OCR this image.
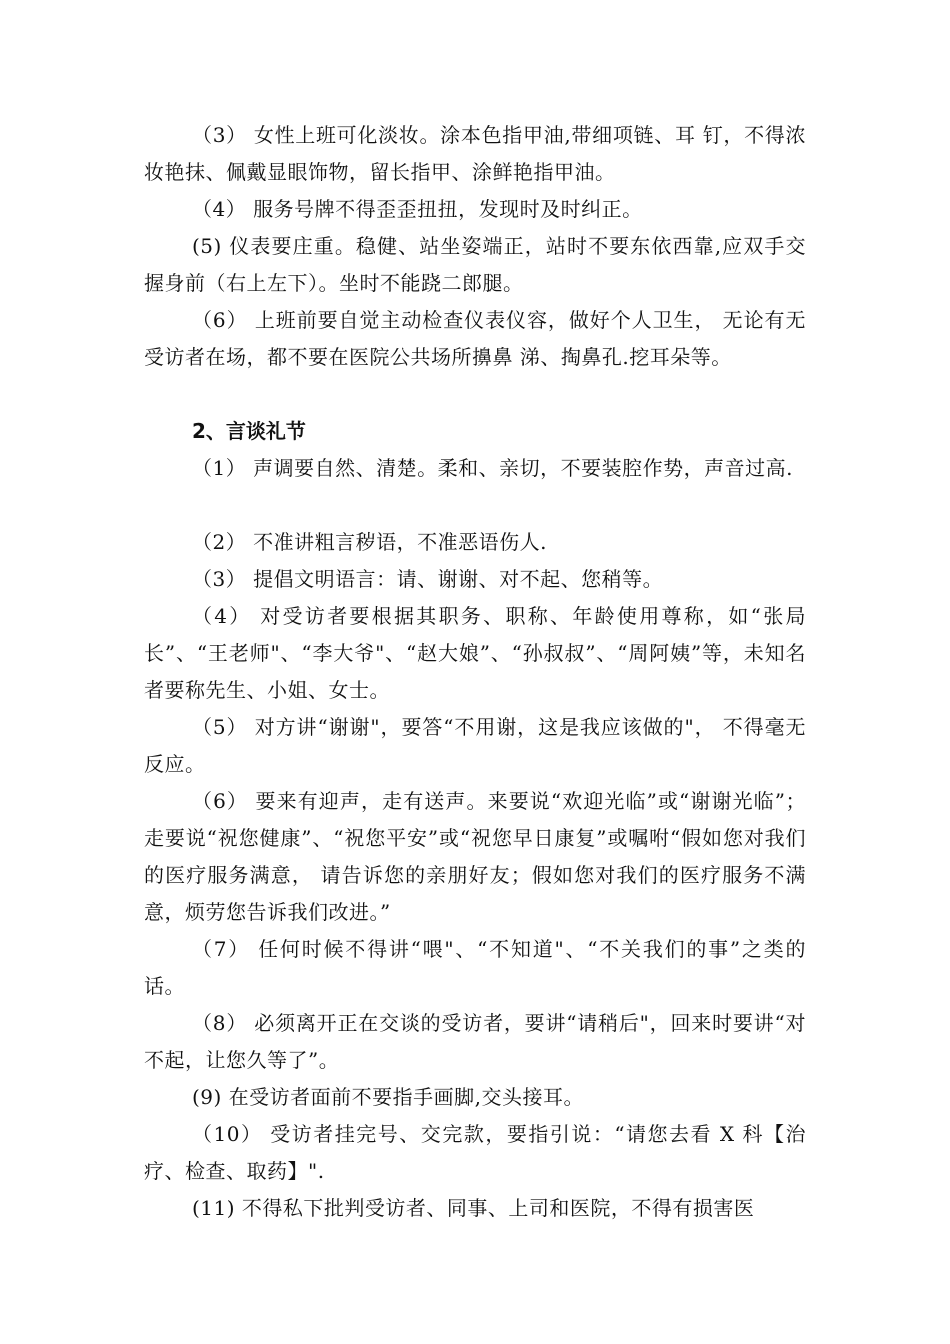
（3） 女性上班可化淡妆。涂本色指甲油,带细项链、耳 钉，不得浓妆艳抹、佩戴显眼饰物，留长指甲、涂鲜艳指甲油。

（4） 服务号牌不得歪歪扭扭，发现时及时纠正。

(5) 仪表要庄重。稳健、站坐姿端正，站时不要东依西靠,应双手交握身前（右上左下）。坐时不能跷二郎腿。

（6） 上班前要自觉主动检查仪表仪容，做好个人卫生， 无论有无受访者在场，都不要在医院公共场所擤鼻 涕、掏鼻孔.挖耳朵等。

2、言谈礼节

（1） 声调要自然、清楚。柔和、亲切，不要装腔作势，声音过高.

（2） 不准讲粗言秽语，不准恶语伤人.

（3） 提倡文明语言：请、谢谢、对不起、您稍等。

（4） 对受访者要根据其职务、职称、年龄使用尊称，如“张局长”、“王老师"、“李大爷"、“赵大娘”、“孙叔叔”、“周阿姨”等，未知名者要称先生、小姐、女士。

（5） 对方讲“谢谢"，要答“不用谢，这是我应该做的"， 不得毫无反应。

（6） 要来有迎声，走有送声。来要说“欢迎光临”或“谢谢光临”；走要说“祝您健康”、“祝您平安”或“祝您早日康复”或嘱咐“假如您对我们的医疗服务满意， 请告诉您的亲朋好友；假如您对我们的医疗服务不满意，烦劳您告诉我们改进。”

（7） 任何时候不得讲“喂"、“不知道"、“不关我们的事”之类的话。

（8） 必须离开正在交谈的受访者，要讲“请稍后"，回来时要讲“对不起，让您久等了”。

(9) 在受访者面前不要指手画脚,交头接耳。

（10） 受访者挂完号、交完款，要指引说：“请您去看 X 科【治疗、检查、取药】".

(11) 不得私下批判受访者、同事、上司和医院，不得有损害医
